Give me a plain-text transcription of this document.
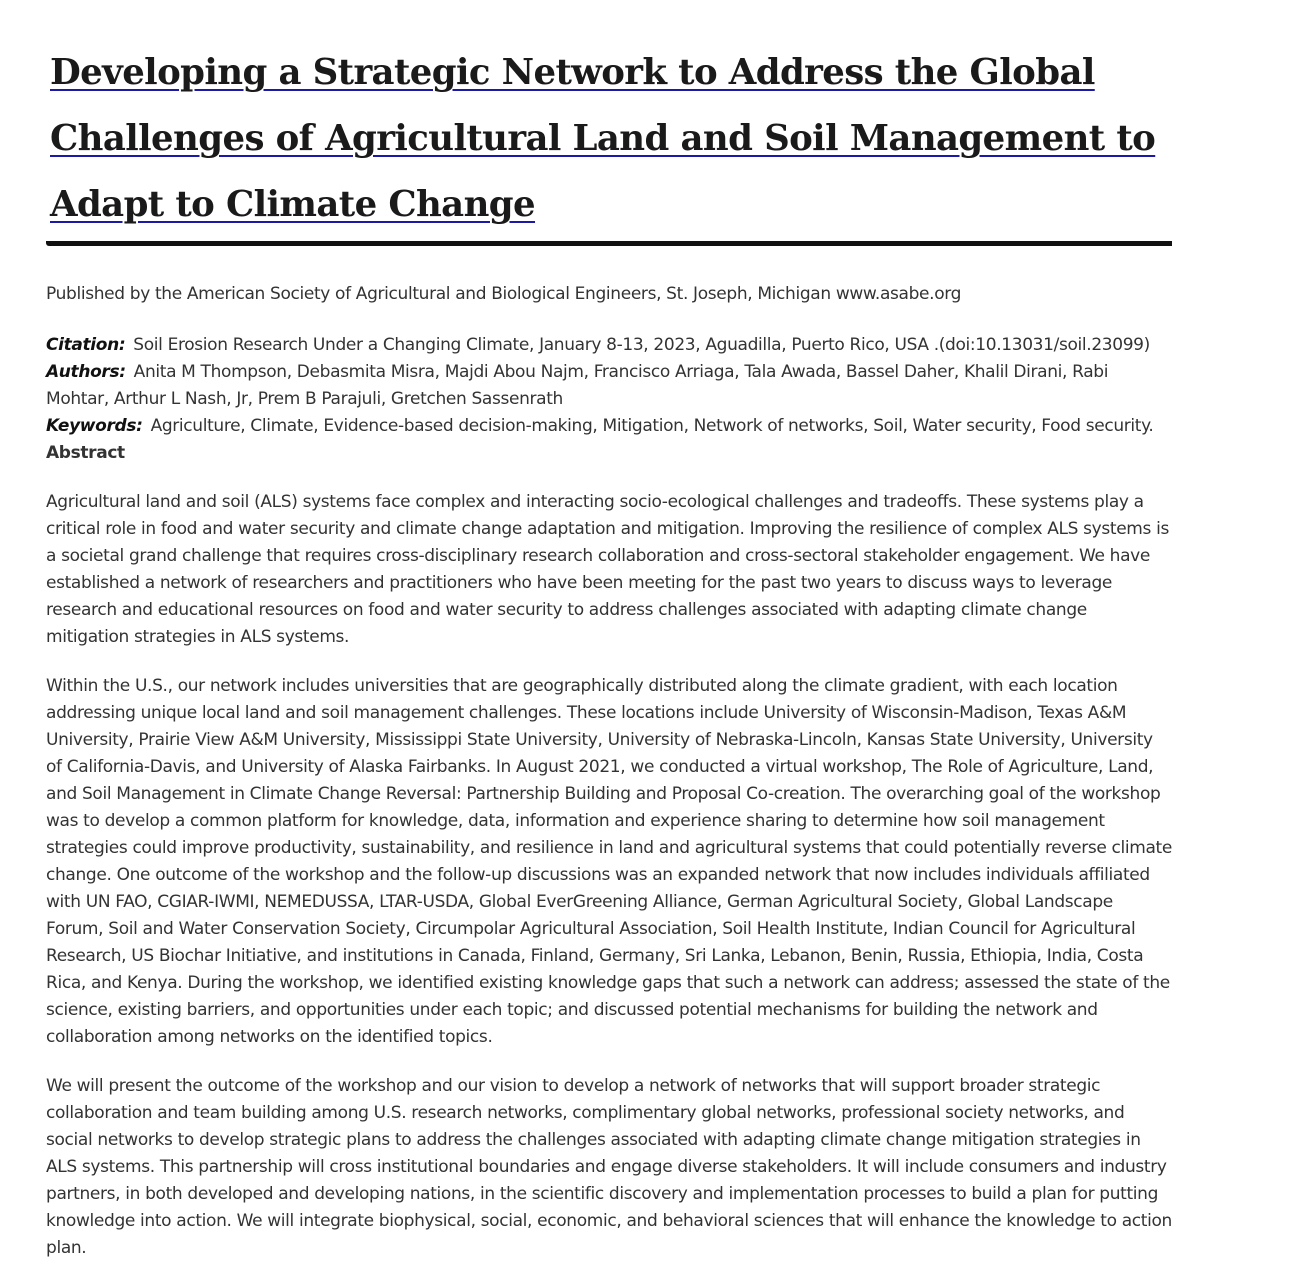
Developing a Strategic Network to Address the Global Challenges of Agricultural Land and Soil Management to Adapt to Climate Change
Published by the American Society of Agricultural and Biological Engineers, St. Joseph, Michigan www.asabe.org

Citation: Soil Erosion Research Under a Changing Climate, January 8-13, 2023, Aguadilla, Puerto Rico, USA .(doi:10.13031/soil.23099)

Authors: Anita M Thompson, Debasmita Misra, Majdi Abou Najm, Francisco Arriaga, Tala Awada, Bassel Daher, Khalil Dirani, Rabi Mohtar, Arthur L Nash, Jr, Prem B Parajuli, Gretchen Sassenrath

Keywords: Agriculture, Climate, Evidence-based decision-making, Mitigation, Network of networks, Soil, Water security, Food security.

Abstract

Agricultural land and soil (ALS) systems face complex and interacting socio-ecological challenges and tradeoffs. These systems play a critical role in food and water security and climate change adaptation and mitigation. Improving the resilience of complex ALS systems is a societal grand challenge that requires cross-disciplinary research collaboration and cross-sectoral stakeholder engagement. We have established a network of researchers and practitioners who have been meeting for the past two years to discuss ways to leverage research and educational resources on food and water security to address challenges associated with adapting climate change mitigation strategies in ALS systems.

Within the U.S., our network includes universities that are geographically distributed along the climate gradient, with each location addressing unique local land and soil management challenges. These locations include University of Wisconsin-Madison, Texas A&M University, Prairie View A&M University, Mississippi State University, University of Nebraska-Lincoln, Kansas State University, University of California-Davis, and University of Alaska Fairbanks. In August 2021, we conducted a virtual workshop, The Role of Agriculture, Land, and Soil Management in Climate Change Reversal: Partnership Building and Proposal Co-creation. The overarching goal of the workshop was to develop a common platform for knowledge, data, information and experience sharing to determine how soil management strategies could improve productivity, sustainability, and resilience in land and agricultural systems that could potentially reverse climate change. One outcome of the workshop and the follow-up discussions was an expanded network that now includes individuals affiliated with UN FAO, CGIAR-IWMI, NEMEDUSSA, LTAR-USDA, Global EverGreening Alliance, German Agricultural Society, Global Landscape Forum, Soil and Water Conservation Society, Circumpolar Agricultural Association, Soil Health Institute, Indian Council for Agricultural Research, US Biochar Initiative, and institutions in Canada, Finland, Germany, Sri Lanka, Lebanon, Benin, Russia, Ethiopia, India, Costa Rica, and Kenya. During the workshop, we identified existing knowledge gaps that such a network can address; assessed the state of the science, existing barriers, and opportunities under each topic; and discussed potential mechanisms for building the network and collaboration among networks on the identified topics.

We will present the outcome of the workshop and our vision to develop a network of networks that will support broader strategic collaboration and team building among U.S. research networks, complimentary global networks, professional society networks, and social networks to develop strategic plans to address the challenges associated with adapting climate change mitigation strategies in ALS systems. This partnership will cross institutional boundaries and engage diverse stakeholders. It will include consumers and industry partners, in both developed and developing nations, in the scientific discovery and implementation processes to build a plan for putting knowledge into action. We will integrate biophysical, social, economic, and behavioral sciences that will enhance the knowledge to action plan.
